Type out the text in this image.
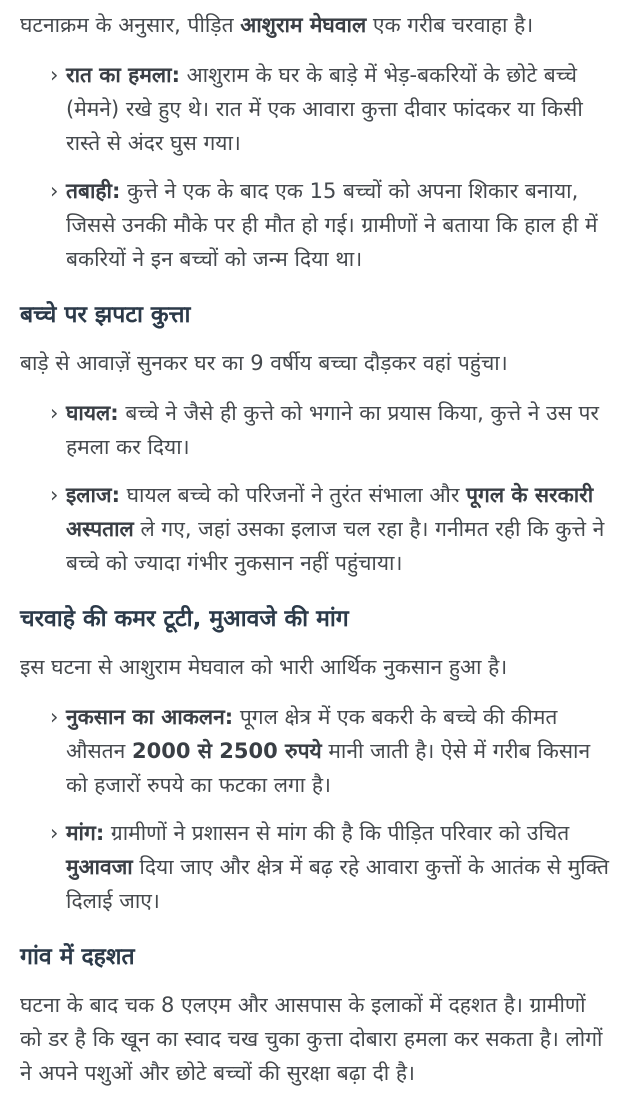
घटनाक्रम के अनुसार, पीड़ित आशुराम मेघवाल एक गरीब चरवाहा है।

› रात का हमला: आशुराम के घर के बाड़े में भेड़-बकरियों के छोटे बच्चे (मेमने) रखे हुए थे। रात में एक आवारा कुत्ता दीवार फांदकर या किसी रास्ते से अंदर घुस गया।
› तबाही: कुत्ते ने एक के बाद एक 15 बच्चों को अपना शिकार बनाया, जिससे उनकी मौके पर ही मौत हो गई। ग्रामीणों ने बताया कि हाल ही में बकरियों ने इन बच्चों को जन्म दिया था।
बच्चे पर झपटा कुत्ता

बाड़े से आवाज़ें सुनकर घर का 9 वर्षीय बच्चा दौड़कर वहां पहुंचा।

› घायल: बच्चे ने जैसे ही कुत्ते को भगाने का प्रयास किया, कुत्ते ने उस पर हमला कर दिया।
› इलाज: घायल बच्चे को परिजनों ने तुरंत संभाला और पूगल के सरकारी अस्पताल ले गए, जहां उसका इलाज चल रहा है। गनीमत रही कि कुत्ते ने बच्चे को ज्यादा गंभीर नुकसान नहीं पहुंचाया।
चरवाहे की कमर टूटी, मुआवजे की मांग

इस घटना से आशुराम मेघवाल को भारी आर्थिक नुकसान हुआ है।

› नुकसान का आकलन: पूगल क्षेत्र में एक बकरी के बच्चे की कीमत औसतन 2000 से 2500 रुपये मानी जाती है। ऐसे में गरीब किसान को हजारों रुपये का फटका लगा है।
› मांग: ग्रामीणों ने प्रशासन से मांग की है कि पीड़ित परिवार को उचित मुआवजा दिया जाए और क्षेत्र में बढ़ रहे आवारा कुत्तों के आतंक से मुक्ति दिलाई जाए।
गांव में दहशत

घटना के बाद चक 8 एलएम और आसपास के इलाकों में दहशत है। ग्रामीणों को डर है कि खून का स्वाद चख चुका कुत्ता दोबारा हमला कर सकता है। लोगों ने अपने पशुओं और छोटे बच्चों की सुरक्षा बढ़ा दी है।
